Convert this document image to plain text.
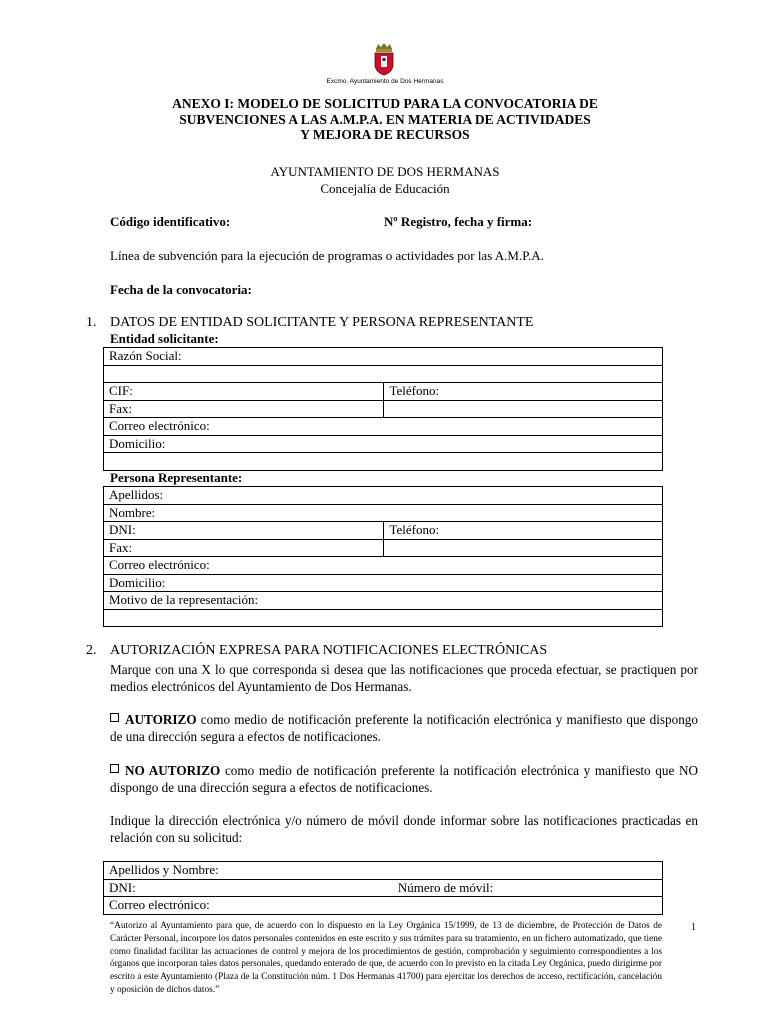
Excmo. Ayuntamiento de Dos Hermanas
ANEXO I: MODELO DE SOLICITUD PARA LA CONVOCATORIA DE
SUBVENCIONES A LAS A.M.P.A. EN MATERIA DE ACTIVIDADES
Y MEJORA DE RECURSOS
AYUNTAMIENTO DE DOS HERMANAS
Concejalía de Educación
Código identificativo:	Nº Registro, fecha y firma:
Línea de subvención para la ejecución de programas o actividades por las A.M.P.A.
Fecha de la convocatoria:
1. DATOS DE ENTIDAD SOLICITANTE Y PERSONA REPRESENTANTE
Entidad solicitante:
Razón Social:	

CIF:	Teléfono:
Fax:	
Correo electrónico:	
Domicilio:	

Persona Representante:
Apellidos:	
Nombre:	
DNI:	Teléfono:
Fax:	
Correo electrónico:	
Domicilio:	
Motivo de la representación:	

2. AUTORIZACIÓN EXPRESA PARA NOTIFICACIONES ELECTRÓNICAS
Marque con una X lo que corresponda si desea que las notificaciones que proceda efectuar, se practiquen por medios electrónicos del Ayuntamiento de Dos Hermanas.
AUTORIZO como medio de notificación preferente la notificación electrónica y manifiesto que dispongo de una dirección segura a efectos de notificaciones.
NO AUTORIZO como medio de notificación preferente la notificación electrónica y manifiesto que NO dispongo de una dirección segura a efectos de notificaciones.
Indique la dirección electrónica y/o número de móvil donde informar sobre las notificaciones practicadas en relación con su solicitud:
Apellidos y Nombre:
DNI:	Número de móvil:
Correo electrónico:
“Autorizo al Ayuntamiento para que, de acuerdo con lo dispuesto en la Ley Orgánica 15/1999, de 13 de diciembre, de Protección de Datos de Carácter Personal, incorpore los datos personales contenidos en este escrito y sus trámites para su tratamiento, en un fichero automatizado, que tiene como finalidad facilitar las actuaciones de control y mejora de los procedimientos de gestión, comprobación y seguimiento correspondientes a los órganos que incorporan tales datos personales, quedando enterado de que, de acuerdo con lo previsto en la citada Ley Orgánica, puedo dirigirme por escrito a este Ayuntamiento (Plaza de la Constitución núm. 1 Dos Hermanas 41700) para ejercitar los derechos de acceso, rectificación, cancelación y oposición de dichos datos.”
1
